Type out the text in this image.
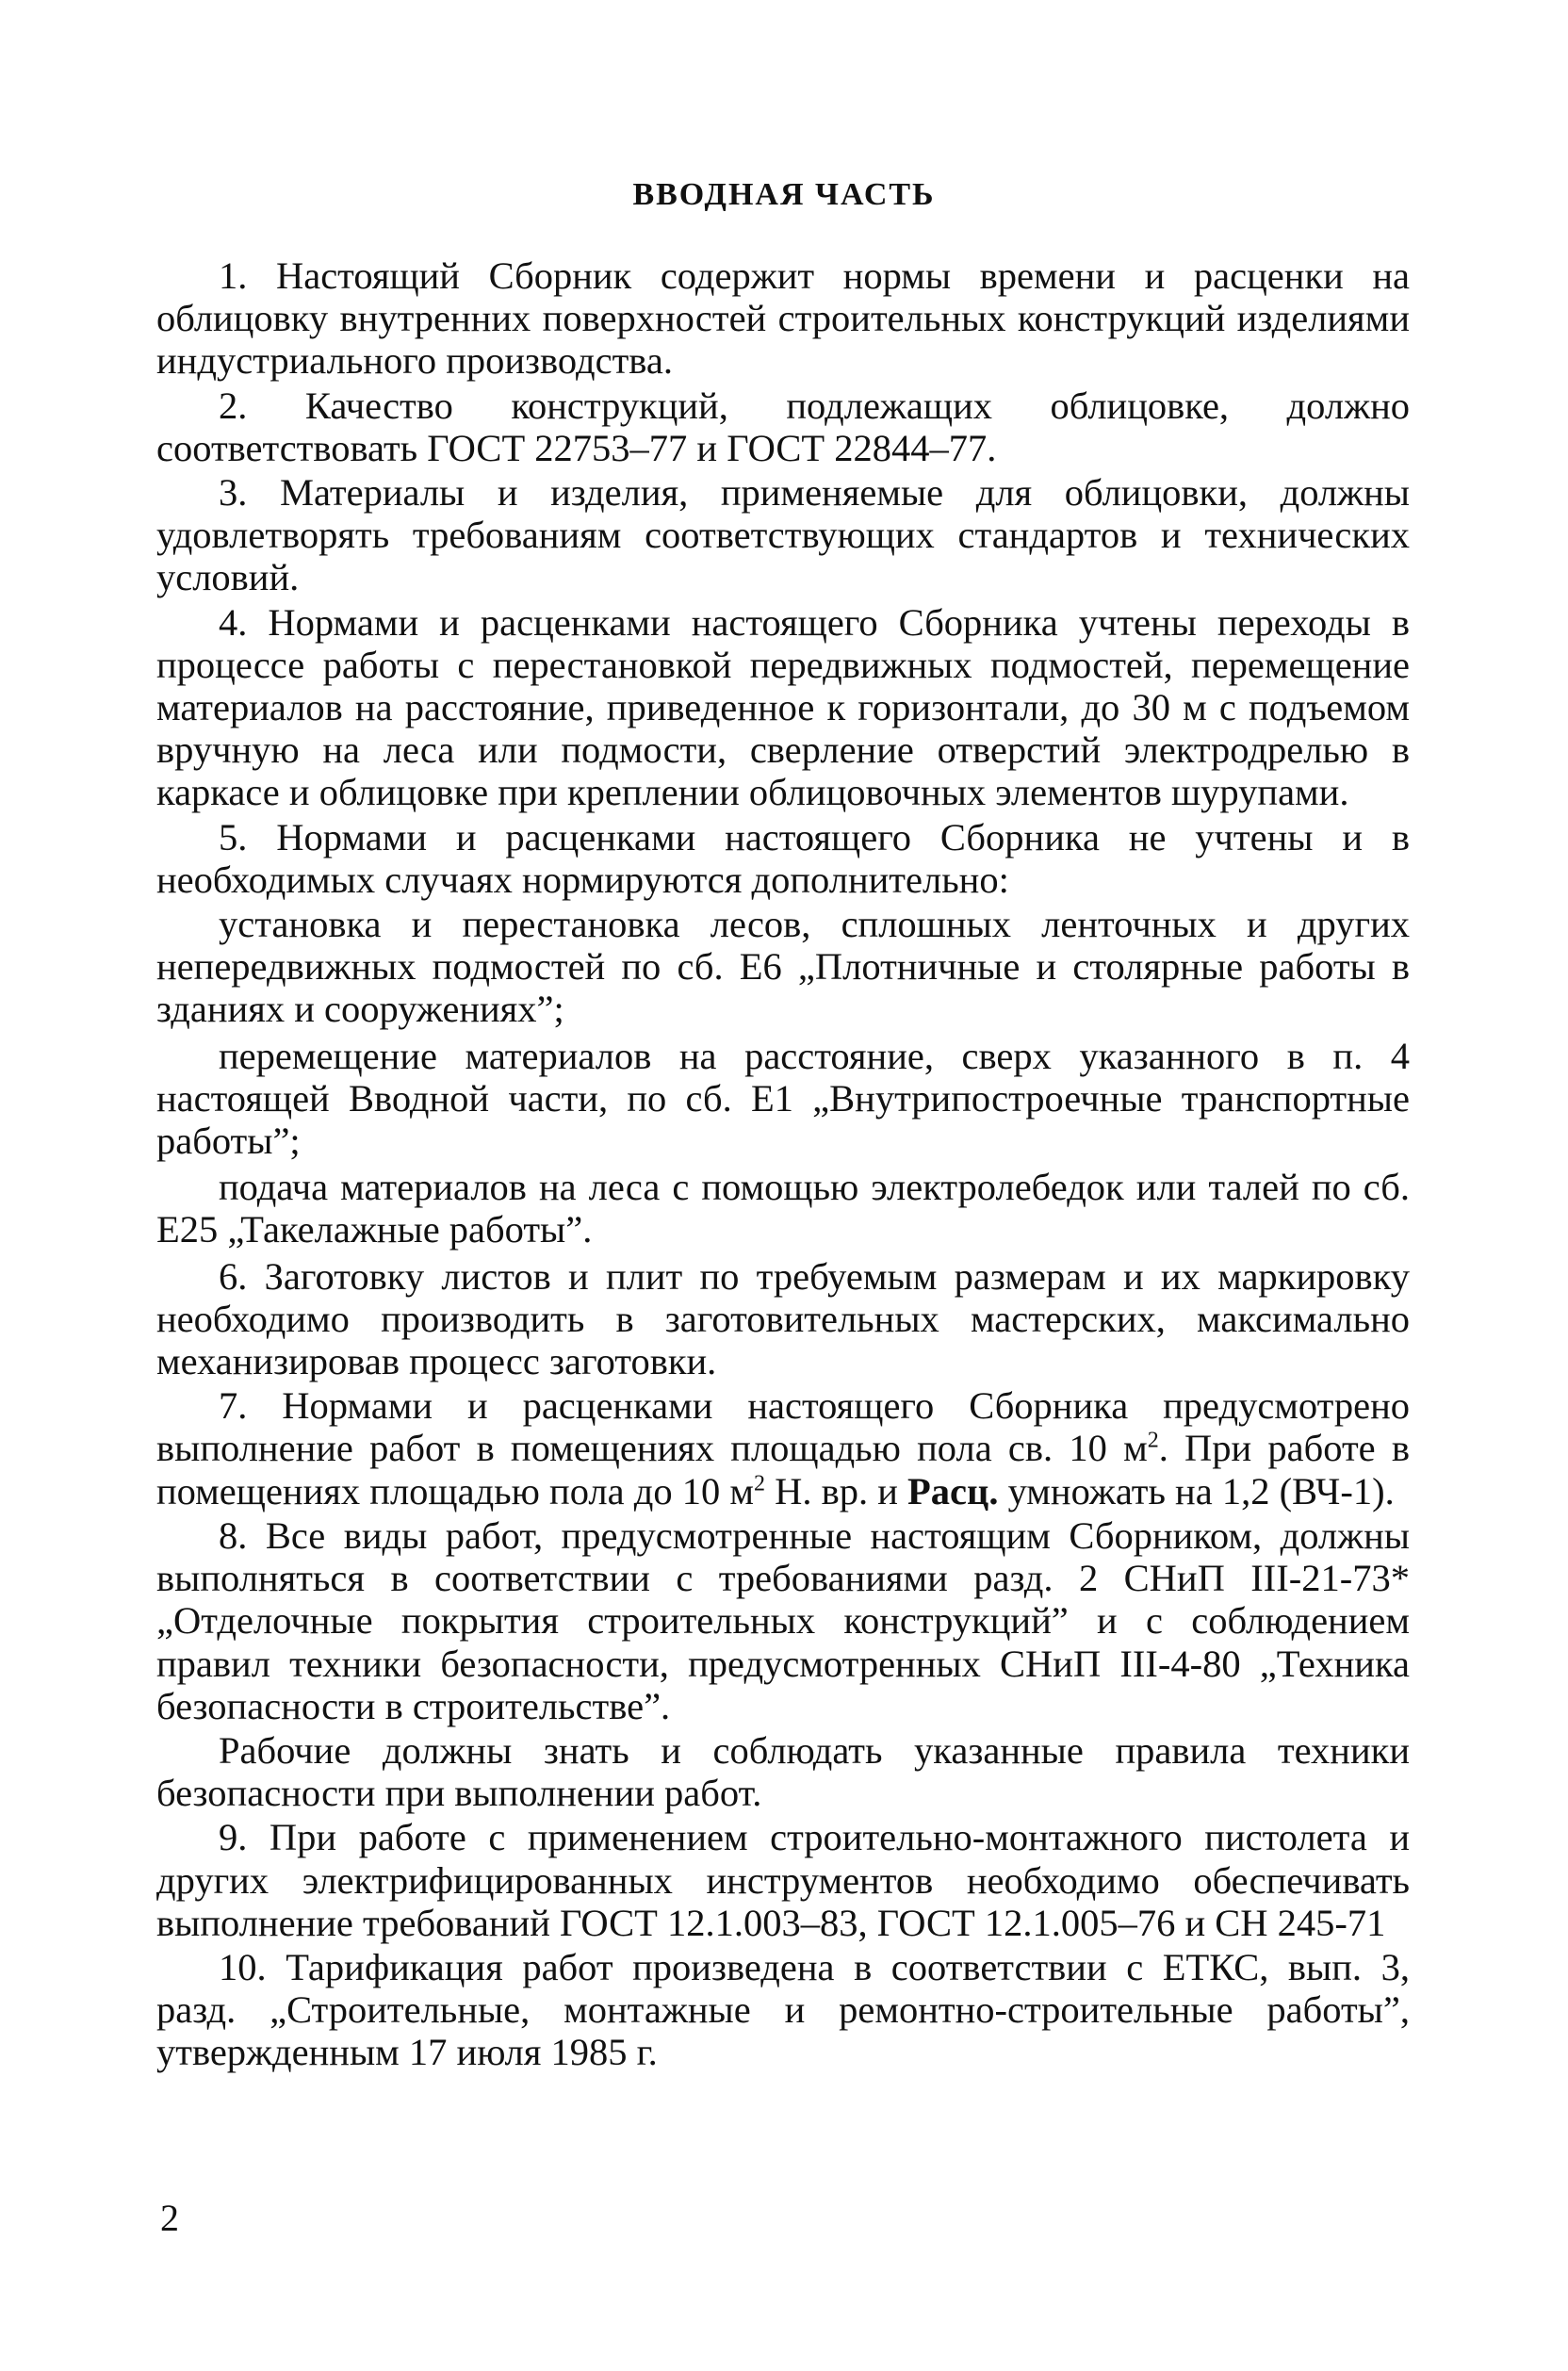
ВВОДНАЯ ЧАСТЬ

1. Настоящий Сборник содержит нормы времени и расценки на облицовку внутренних поверхностей строительных конструкций изделиями индустриального производства.

2. Качество конструкций, подлежащих облицовке, должно соответствовать ГОСТ 22753–77 и ГОСТ 22844–77.

3. Материалы и изделия, применяемые для облицовки, должны удовлетворять требованиям соответствующих стандартов и технических условий.

4. Нормами и расценками настоящего Сборника учтены переходы в процессе работы с перестановкой передвижных подмостей, перемещение материалов на расстояние, приведенное к горизонтали, до 30 м с подъемом вручную на леса или подмости, сверление отверстий электродрелью в каркасе и облицовке при креплении облицовочных элементов шурупами.

5. Нормами и расценками настоящего Сборника не учтены и в необходимых случаях нормируются дополнительно:

установка и перестановка лесов, сплошных ленточных и других непередвижных подмостей по сб. Е6 „Плотничные и столярные работы в зданиях и сооружениях”;

перемещение материалов на расстояние, сверх указанного в п. 4 настоящей Вводной части, по сб. Е1 „Внутрипостроечные транспортные работы”;

подача материалов на леса с помощью электролебедок или талей по сб. Е25 „Такелажные работы”.

6. Заготовку листов и плит по требуемым размерам и их маркировку необходимо производить в заготовительных мастерских, максимально механизировав процесс заготовки.

7. Нормами и расценками настоящего Сборника предусмотрено выполнение работ в помещениях площадью пола св. 10 $м^2$. При работе в помещениях площадью пола до 10 $м^2$ Н. вр. и Расц. умножать на 1,2 (ВЧ-1).

8. Все виды работ, предусмотренные настоящим Сборником, должны выполняться в соответствии с требованиями разд. 2 СНиП III-21-73* „Отделочные покрытия строительных конструкций” и с соблюдением правил техники безопасности, предусмотренных СНиП III-4-80 „Техника безопасности в строительстве”.

Рабочие должны знать и соблюдать указанные правила техники безопасности при выполнении работ.

9. При работе с применением строительно-монтажного пистолета и других электрифицированных инструментов необходимо обеспечивать выполнение требований ГОСТ 12.1.003–83, ГОСТ 12.1.005–76 и СН 245-71

10. Тарификация работ произведена в соответствии с ЕТКС, вып. 3, разд. „Строительные, монтажные и ремонтно-строительные работы”, утвержденным 17 июля 1985 г.

2
